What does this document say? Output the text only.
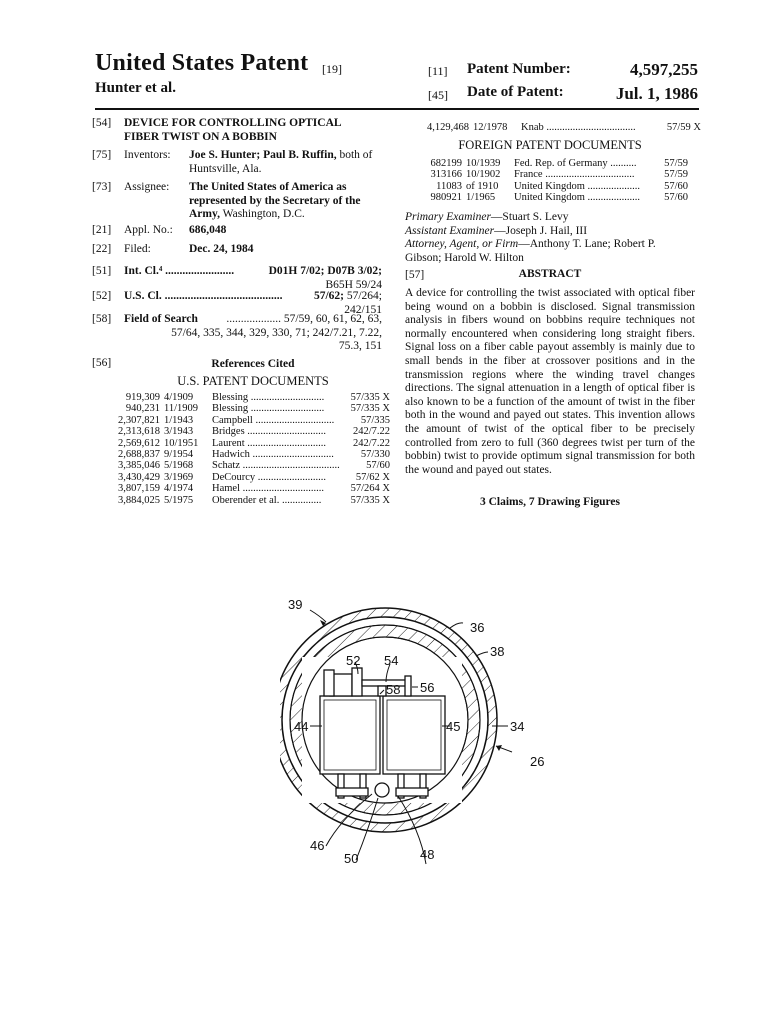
United States Patent [19]
Hunter et al.
[11] Patent Number:	4,597,255
[45] Date of Patent:	Jul. 1, 1986
[54] DEVICE FOR CONTROLLING OPTICAL
FIBER TWIST ON A BOBBIN
[75] Inventors: Joe S. Hunter; Paul B. Ruffin, both of
Huntsville, Ala.
[73] Assignee: The United States of America as
represented by the Secretary of the
Army, Washington, D.C.
[21] Appl. No.: 686,048
[22] Filed:	Dec. 24, 1984
[51] Int. Cl.⁴ ........................	D01H 7/02; D07B 3/02;
B65H 59/24
[52] U.S. Cl. .........................................	57/62; 57/264;
242/151
[58] Field of Search ................... 57/59, 60, 61, 62, 63,
57/64, 335, 344, 329, 330, 71; 242/7.21, 7.22,
75.3, 151
[56]	References Cited
U.S. PATENT DOCUMENTS
919,309	4/1909	Blessing ............................	57/335 X
940,231	11/1909	Blessing ............................	57/335 X
2,307,821	1/1943	Campbell ..............................	57/335
2,313,618	3/1943	Bridges ..............................	242/7.22
2,569,612	10/1951	Laurent ..............................	242/7.22
2,688,837	9/1954	Hadwich ...............................	57/330
3,385,046	5/1968	Schatz .....................................	57/60
3,430,429	3/1969	DeCourcy ..........................	57/62 X
3,807,159	4/1974	Hamel ...............................	57/264 X
3,884,025	5/1975	Oberender et al. ...............	57/335 X
4,129,468	12/1978	Knab ..................................	57/59 X
FOREIGN PATENT DOCUMENTS
682199	10/1939	Fed. Rep. of Germany ..........	57/59
313166	10/1902	France ..................................	57/59
11083	of 1910	United Kingdom ....................	57/60
980921	1/1965	United Kingdom ....................	57/60
Primary Examiner—Stuart S. Levy
Assistant Examiner—Joseph J. Hail, III
Attorney, Agent, or Firm—Anthony T. Lane; Robert P.
Gibson; Harold W. Hilton
[57]	ABSTRACT
A device for controlling the twist associated with optical fiber being wound on a bobbin is disclosed. Signal transmission analysis in fibers wound on bobbins require techniques not normally encountered when considering long straight fibers. Signal loss on a fiber cable payout assembly is mainly due to small bends in the fiber at crossover positions and in the transmission regions where the winding travel changes directions. The signal attenuation in a length of optical fiber is also known to be a function of the amount of twist in the fiber both in the wound and payed out states. This invention allows the amount of twist of the optical fiber to be precisely controlled from zero to full (360 degrees twist per turn of the bobbin) twist to provide optimum signal transmission for both the wound and payed out states.
3 Claims, 7 Drawing Figures
39
36
38
52 54
58 56
44	45	34
26
46
50	48
